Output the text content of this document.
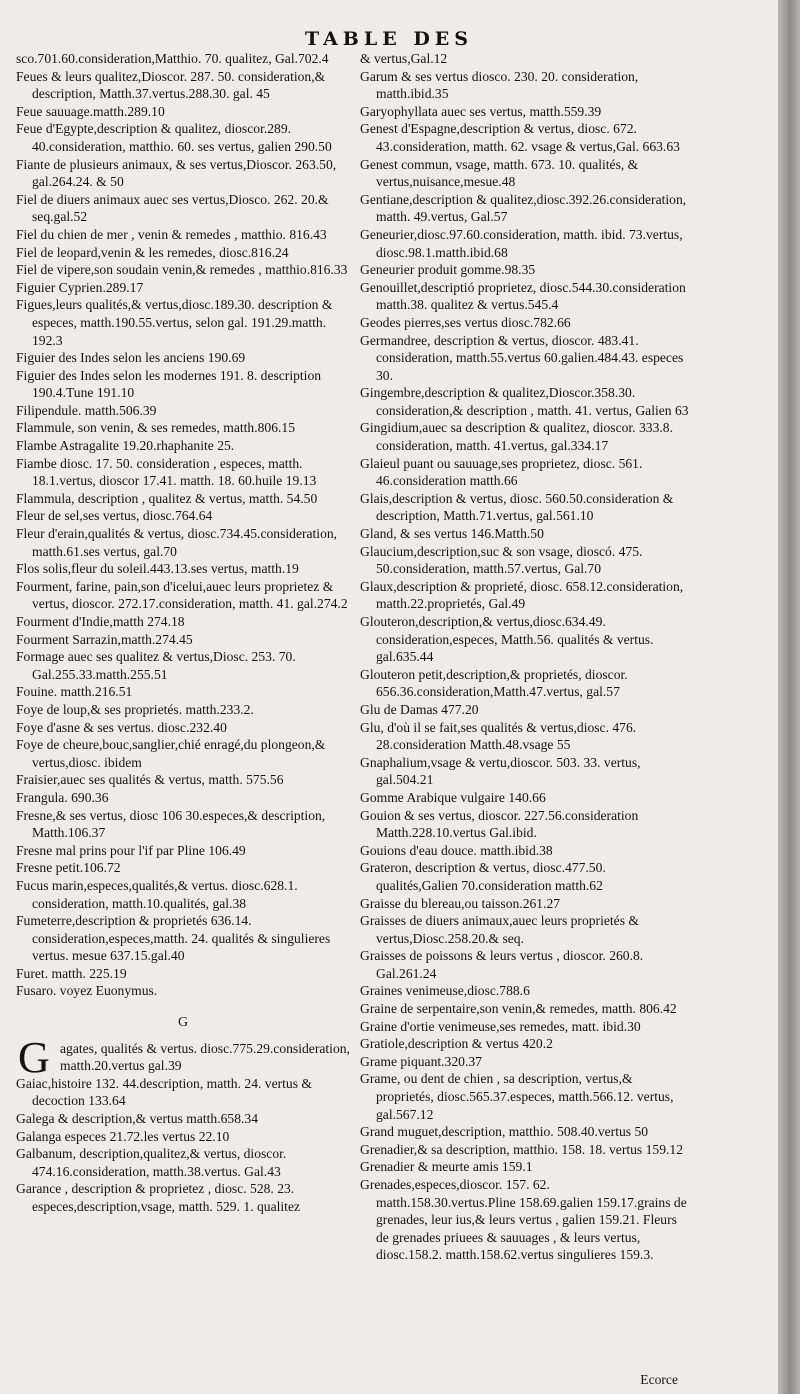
TABLE DES

sco.701.60.consideration,Matthio. 70. qualitez, Gal.702.4

Feues & leurs qualitez,Dioscor. 287. 50. consideration,& description, Matth.37.vertus.288.30. gal. 45

Feue sauuage.matth.289.10

Feue d'Egypte,description & qualitez, dioscor.289. 40.consideration, matthio. 60. ses vertus, galien 290.50

Fiante de plusieurs animaux, & ses vertus,Dioscor. 263.50, gal.264.24. & 50

Fiel de diuers animaux auec ses vertus,Diosco. 262. 20.& seq.gal.52

Fiel du chien de mer , venin & remedes , matthio. 816.43

Fiel de leopard,venin & les remedes, diosc.816.24

Fiel de vipere,son soudain venin,& remedes , matthio.816.33

Figuier Cyprien.289.17

Figues,leurs qualités,& vertus,diosc.189.30. description & especes, matth.190.55.vertus, selon gal. 191.29.matth. 192.3

Figuier des Indes selon les anciens 190.69

Figuier des Indes selon les modernes 191. 8. description 190.4.Tune 191.10

Filipendule. matth.506.39

Flammule, son venin, & ses remedes, matth.806.15

Flambe Astragalite 19.20.rhaphanite 25.

Fiambe diosc. 17. 50. consideration , especes, matth. 18.1.vertus, dioscor 17.41. matth. 18. 60.huile 19.13

Flammula, description , qualitez & vertus, matth. 54.50

Fleur de sel,ses vertus, diosc.764.64

Fleur d'erain,qualités & vertus, diosc.734.45.consideration, matth.61.ses vertus, gal.70

Flos solis,fleur du soleil.443.13.ses vertus, matth.19

Fourment, farine, pain,son d'icelui,auec leurs proprietez & vertus, dioscor. 272.17.consideration, matth. 41. gal.274.2

Fourment d'Indie,matth 274.18

Fourment Sarrazin,matth.274.45

Formage auec ses qualitez & vertus,Diosc. 253. 70. Gal.255.33.matth.255.51

Fouine. matth.216.51

Foye de loup,& ses proprietés. matth.233.2.

Foye d'asne & ses vertus. diosc.232.40

Foye de cheure,bouc,sanglier,chié enragé,du plongeon,& vertus,diosc. ibidem

Fraisier,auec ses qualités & vertus, matth. 575.56

Frangula. 690.36

Fresne,& ses vertus, diosc 106 30.especes,& description, Matth.106.37

Fresne mal prins pour l'if par Pline 106.49

Fresne petit.106.72

Fucus marin,especes,qualités,& vertus. diosc.628.1. consideration, matth.10.qualités, gal.38

Fumeterre,description & proprietés 636.14. consideration,especes,matth. 24. qualités & singulieres vertus. mesue 637.15.gal.40

Furet. matth. 225.19

Fusaro. voyez Euonymus.

G

G agates, qualités & vertus. diosc.775.29.consideration, matth.20.vertus gal.39

Gaiac,histoire 132. 44.description, matth. 24. vertus & decoction 133.64

Galega & description,& vertus matth.658.34

Galanga especes 21.72.les vertus 22.10

Galbanum, description,qualitez,& vertus, dioscor. 474.16.consideration, matth.38.vertus. Gal.43

Garance , description & proprietez , diosc. 528. 23. especes,description,vsage, matth. 529. 1. qualitez

& vertus,Gal.12

Garum & ses vertus diosco. 230. 20. consideration, matth.ibid.35

Garyophyllata auec ses vertus, matth.559.39

Genest d'Espagne,description & vertus, diosc. 672. 43.consideration, matth. 62. vsage & vertus,Gal. 663.63

Genest commun, vsage, matth. 673. 10. qualités, & vertus,nuisance,mesue.48

Gentiane,description & qualitez,diosc.392.26.consideration, matth. 49.vertus, Gal.57

Geneurier,diosc.97.60.consideration, matth. ibid. 73.vertus, diosc.98.1.matth.ibid.68

Geneurier produit gomme.98.35

Genouillet,descriptió proprietez, diosc.544.30.consideration matth.38. qualitez & vertus.545.4

Geodes pierres,ses vertus diosc.782.66

Germandree, description & vertus, dioscor. 483.41. consideration, matth.55.vertus 60.galien.484.43. especes 30.

Gingembre,description & qualitez,Dioscor.358.30. consideration,& description , matth. 41. vertus, Galien 63

Gingidium,auec sa description & qualitez, dioscor. 333.8. consideration, matth. 41.vertus, gal.334.17

Glaieul puant ou sauuage,ses proprietez, diosc. 561. 46.consideration matth.66

Glais,description & vertus, diosc. 560.50.consideration & description, Matth.71.vertus, gal.561.10

Gland, & ses vertus 146.Matth.50

Glaucium,description,suc & son vsage, dioscó. 475. 50.consideration, matth.57.vertus, Gal.70

Glaux,description & proprieté, diosc. 658.12.consideration, matth.22.proprietés, Gal.49

Glouteron,description,& vertus,diosc.634.49. consideration,especes, Matth.56. qualités & vertus. gal.635.44

Glouteron petit,description,& proprietés, dioscor. 656.36.consideration,Matth.47.vertus, gal.57

Glu de Damas 477.20

Glu, d'où il se fait,ses qualités & vertus,diosc. 476. 28.consideration Matth.48.vsage 55

Gnaphalium,vsage & vertu,dioscor. 503. 33. vertus, gal.504.21

Gomme Arabique vulgaire 140.66

Gouion & ses vertus, dioscor. 227.56.consideration Matth.228.10.vertus Gal.ibid.

Gouions d'eau douce. matth.ibid.38

Grateron, description & vertus, diosc.477.50. qualités,Galien 70.consideration matth.62

Graisse du blereau,ou taisson.261.27

Graisses de diuers animaux,auec leurs proprietés & vertus,Diosc.258.20.& seq.

Graisses de poissons & leurs vertus , dioscor. 260.8. Gal.261.24

Graines venimeuse,diosc.788.6

Graine de serpentaire,son venin,& remedes, matth. 806.42

Graine d'ortie venimeuse,ses remedes, matt. ibid.30

Gratiole,description & vertus 420.2

Grame piquant.320.37

Grame, ou dent de chien , sa description, vertus,& proprietés, diosc.565.37.especes, matth.566.12. vertus, gal.567.12

Grand muguet,description, matthio. 508.40.vertus 50

Grenadier,& sa description, matthio. 158. 18. vertus 159.12

Grenadier & meurte amis 159.1

Grenades,especes,dioscor. 157. 62. matth.158.30.vertus.Pline 158.69.galien 159.17.grains de grenades, leur ius,& leurs vertus , galien 159.21. Fleurs de grenades priuees & sauuages , & leurs vertus, diosc.158.2. matth.158.62.vertus singulieres 159.3.

Ecorce
